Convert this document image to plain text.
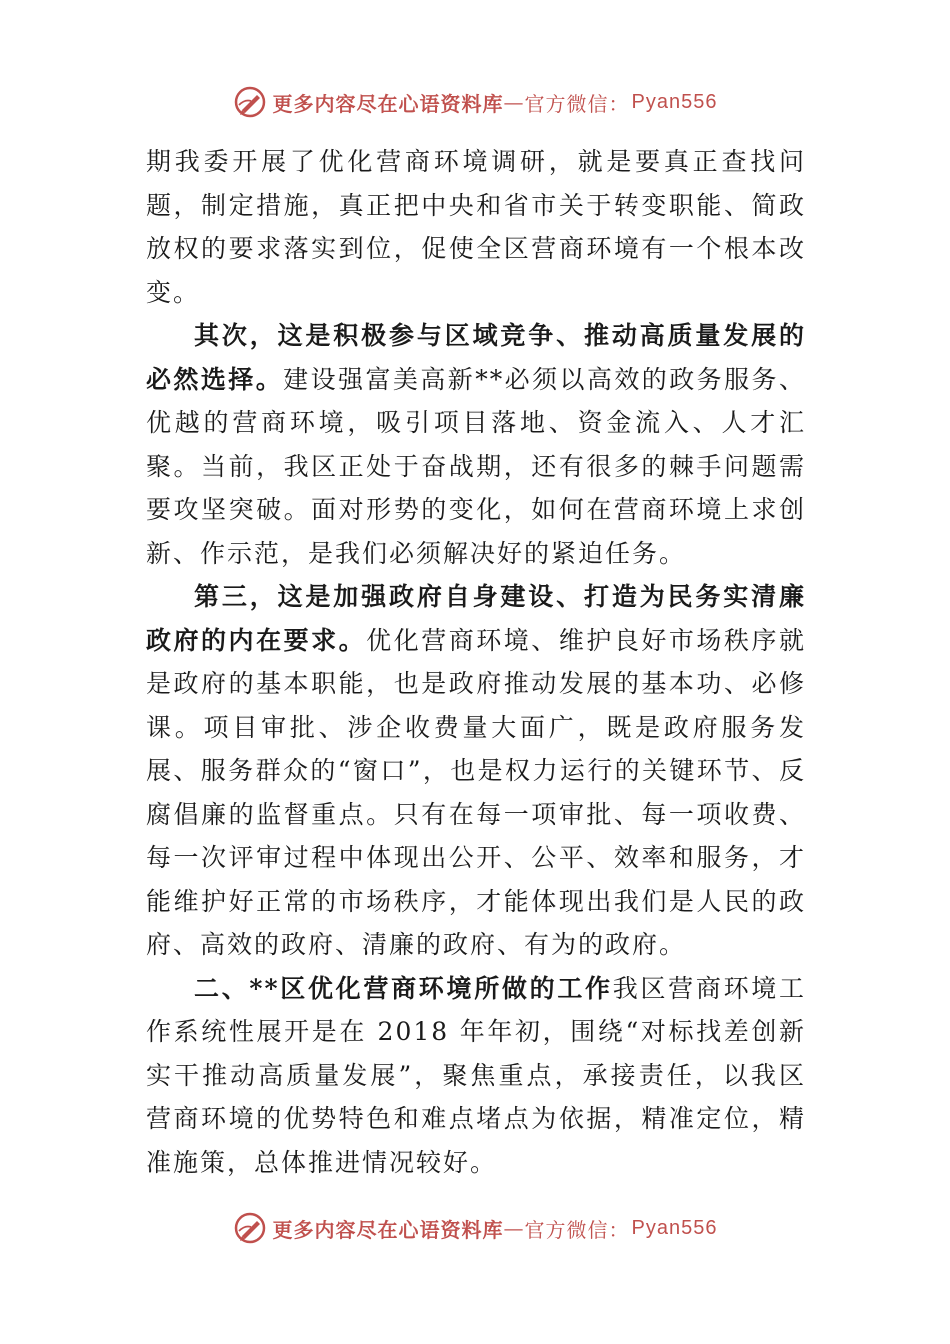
更多内容尽在心语资料库 — 官方微信： Pyan556

期我委开展了优化营商环境调研，就是要真正查找问题，制定措施，真正把中央和省市关于转变职能、简政放权的要求落实到位，促使全区营商环境有一个根本改变。

其次，这是积极参与区域竞争、推动高质量发展的必然选择。建设强富美高新**必须以高效的政务服务、优越的营商环境，吸引项目落地、资金流入、人才汇聚。当前，我区正处于奋战期，还有很多的棘手问题需要攻坚突破。面对形势的变化，如何在营商环境上求创新、作示范，是我们必须解决好的紧迫任务。

第三，这是加强政府自身建设、打造为民务实清廉政府的内在要求。优化营商环境、维护良好市场秩序就是政府的基本职能，也是政府推动发展的基本功、必修课。项目审批、涉企收费量大面广，既是政府服务发展、服务群众的“窗口”，也是权力运行的关键环节、反腐倡廉的监督重点。只有在每一项审批、每一项收费、每一次评审过程中体现出公开、公平、效率和服务，才能维护好正常的市场秩序，才能体现出我们是人民的政府、高效的政府、清廉的政府、有为的政府。

二、**区优化营商环境所做的工作我区营商环境工作系统性展开是在 2018 年年初，围绕“对标找差创新实干推动高质量发展”，聚焦重点，承接责任，以我区营商环境的优势特色和难点堵点为依据，精准定位，精准施策，总体推进情况较好。

更多内容尽在心语资料库 — 官方微信： Pyan556
